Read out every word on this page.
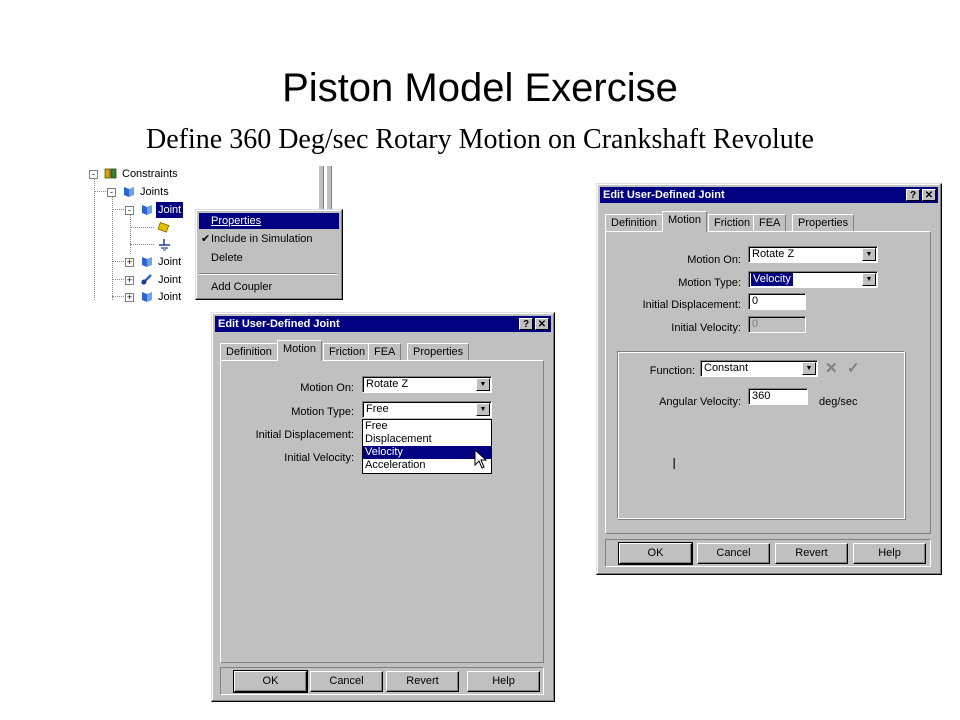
Piston Model Exercise
Define 360 Deg/sec Rotary Motion on Crankshaft Revolute
- Constraints
- Joints
- Joint
+ Joint
+ Joint
+ Joint
Properties
✔ Include in Simulation
Delete
Add Coupler
Edit User-Defined Joint	? ✕
Definition	Motion	Friction FEA	Properties
Motion On: Rotate Z	▼
Motion Type: Free	▼
Initial Displacement:
Initial Velocity:
Free
Displacement
Velocity
Acceleration
OK	Cancel	Revert	Help
Edit User-Defined Joint	? ✕
Definition	Motion	Friction FEA	Properties
Motion On: Rotate Z	▼
Motion Type: Velocity	▼
Initial Displacement: 0
Initial Velocity: 0
Function: Constant	▼ ✕ ✓
Angular Velocity: 360	deg/sec
I
OK	Cancel	Revert	Help
